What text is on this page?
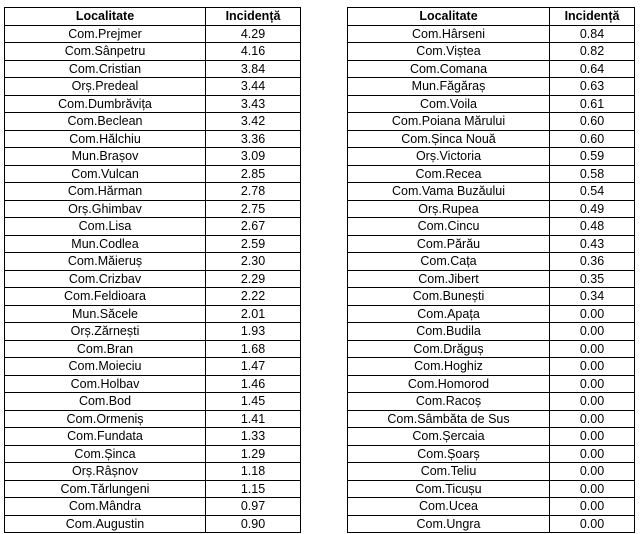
Localitate	Incidență
Com.Prejmer	4.29
Com.Sânpetru	4.16
Com.Cristian	3.84
Orș.Predeal	3.44
Com.Dumbrăvița	3.43
Com.Beclean	3.42
Com.Hălchiu	3.36
Mun.Brașov	3.09
Com.Vulcan	2.85
Com.Hărman	2.78
Orș.Ghimbav	2.75
Com.Lisa	2.67
Mun.Codlea	2.59
Com.Măieruș	2.30
Com.Crizbav	2.29
Com.Feldioara	2.22
Mun.Săcele	2.01
Orș.Zărnești	1.93
Com.Bran	1.68
Com.Moieciu	1.47
Com.Holbav	1.46
Com.Bod	1.45
Com.Ormeniș	1.41
Com.Fundata	1.33
Com.Șinca	1.29
Orș.Râșnov	1.18
Com.Tărlungeni	1.15
Com.Mândra	0.97
Com.Augustin	0.90
Localitate	Incidență
Com.Hârseni	0.84
Com.Viștea	0.82
Com.Comana	0.64
Mun.Făgăraș	0.63
Com.Voila	0.61
Com.Poiana Mărului	0.60
Com.Șinca Nouă	0.60
Orș.Victoria	0.59
Com.Recea	0.58
Com.Vama Buzăului	0.54
Orș.Rupea	0.49
Com.Cincu	0.48
Com.Părău	0.43
Com.Cața	0.36
Com.Jibert	0.35
Com.Bunești	0.34
Com.Apața	0.00
Com.Budila	0.00
Com.Drăguș	0.00
Com.Hoghiz	0.00
Com.Homorod	0.00
Com.Racoș	0.00
Com.Sâmbăta de Sus	0.00
Com.Șercaia	0.00
Com.Șoarș	0.00
Com.Teliu	0.00
Com.Ticușu	0.00
Com.Ucea	0.00
Com.Ungra	0.00
